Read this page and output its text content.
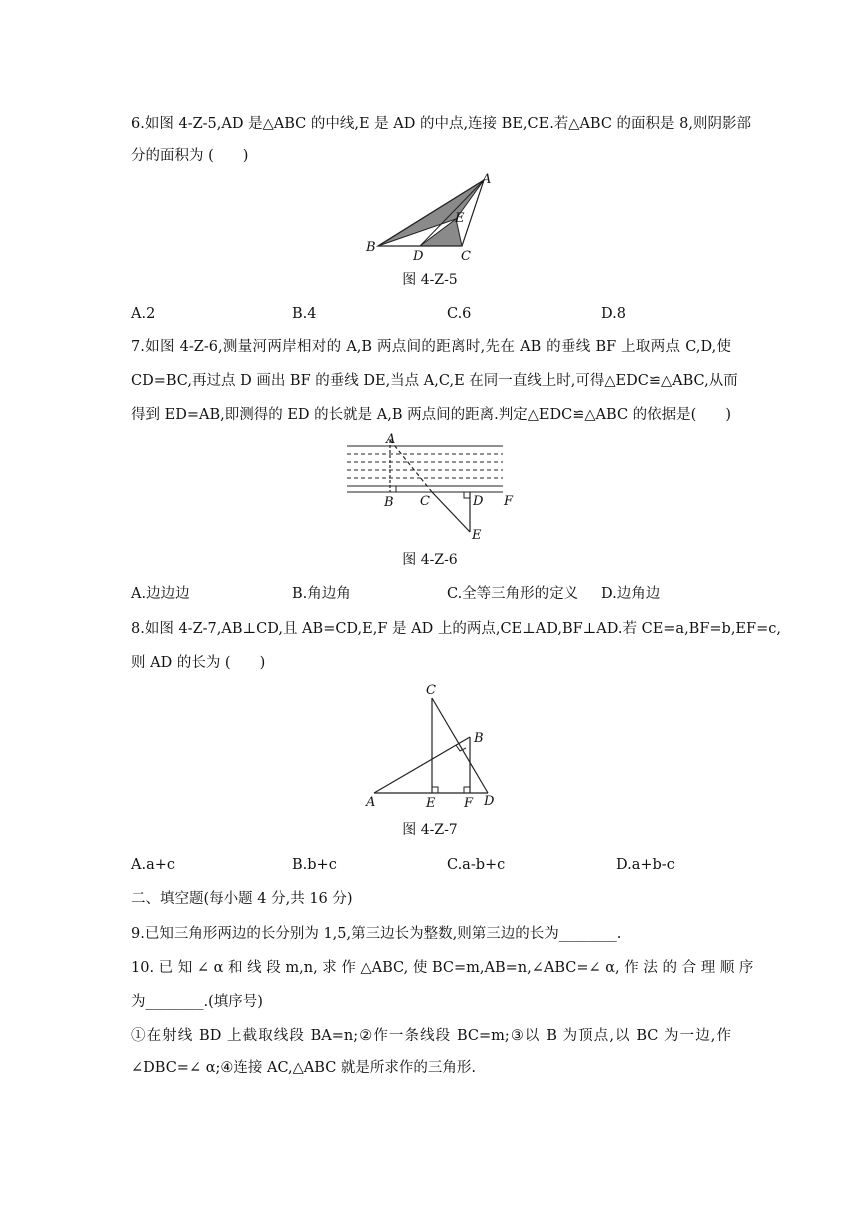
6.如图 4-Z-5,AD 是△ABC 的中线,E 是 AD 的中点,连接 BE,CE.若△ABC 的面积是 8,则阴影部
分的面积为 (　　)
A
B
C
D
E
图 4-Z-5
A.2	B.4	C.6	D.8
7.如图 4-Z-6,测量河两岸相对的 A,B 两点间的距离时,先在 AB 的垂线 BF 上取两点 C,D,使
CD=BC,再过点 D 画出 BF 的垂线 DE,当点 A,C,E 在同一直线上时,可得△EDC≌△ABC,从而
得到 ED=AB,即测得的 ED 的长就是 A,B 两点间的距离.判定△EDC≌△ABC 的依据是(　　)
A
B C	D
E
F
图 4-Z-6
A.边边边	B.角边角	C.全等三角形的定义 D.边角边
8.如图 4-Z-7,AB⊥CD,且 AB=CD,E,F 是 AD 上的两点,CE⊥AD,BF⊥AD.若 CE=a,BF=b,EF=c,
则 AD 的长为 (　　)
A
B
C
D
E F
图 4-Z-7
A.a+c	B.b+c	C.a-b+c	D.a+b-c
二、填空题(每小题 4 分,共 16 分)
9.已知三角形两边的长分别为 1,5,第三边长为整数,则第三边的长为________.
10. 已 知 ∠ α 和 线 段 m,n, 求 作 △ABC, 使 BC=m,AB=n,∠ABC=∠ α, 作 法 的 合 理 顺 序
为________.(填序号)
①在射线 BD 上截取线段 BA=n;②作一条线段 BC=m;③以 B 为顶点,以 BC 为一边,作
∠DBC=∠ α;④连接 AC,△ABC 就是所求作的三角形.
